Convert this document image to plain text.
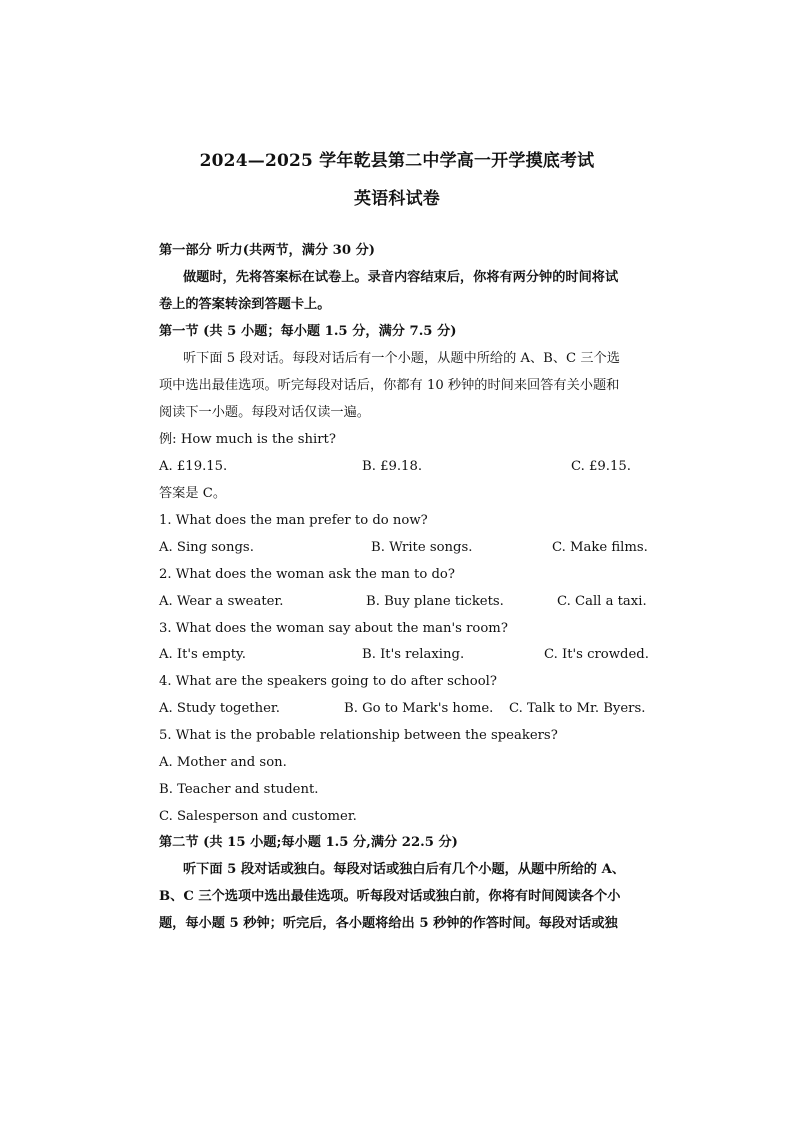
2024—2025 学年乾县第二中学高一开学摸底考试
英语科试卷
第一部分 听力(共两节，满分 30 分)
做题时，先将答案标在试卷上。录音内容结束后，你将有两分钟的时间将试
卷上的答案转涂到答题卡上。
第一节 (共 5 小题；每小题 1.5 分，满分 7.5 分)
听下面 5 段对话。每段对话后有一个小题，从题中所给的 A、B、C 三个选
项中选出最佳选项。听完每段对话后，你都有 10 秒钟的时间来回答有关小题和
阅读下一小题。每段对话仅读一遍。
例: How much is the shirt?
A. £19.15.	B. £9.18.	C. £9.15.
答案是 C。
1. What does the man prefer to do now?
A. Sing songs.	B. Write songs.	C. Make films.
2. What does the woman ask the man to do?
A. Wear a sweater.	B. Buy plane tickets.	C. Call a taxi.
3. What does the woman say about the man's room?
A. It's empty.	B. It's relaxing.	C. It's crowded.
4. What are the speakers going to do after school?
A. Study together.	B. Go to Mark's home. C. Talk to Mr. Byers.
5. What is the probable relationship between the speakers?
A. Mother and son.
B. Teacher and student.
C. Salesperson and customer.
第二节 (共 15 小题;每小题 1.5 分,满分 22.5 分)
听下面 5 段对话或独白。每段对话或独白后有几个小题，从题中所给的 A、
B、C 三个选项中选出最佳选项。听每段对话或独白前，你将有时间阅读各个小
题，每小题 5 秒钟；听完后，各小题将给出 5 秒钟的作答时间。每段对话或独
